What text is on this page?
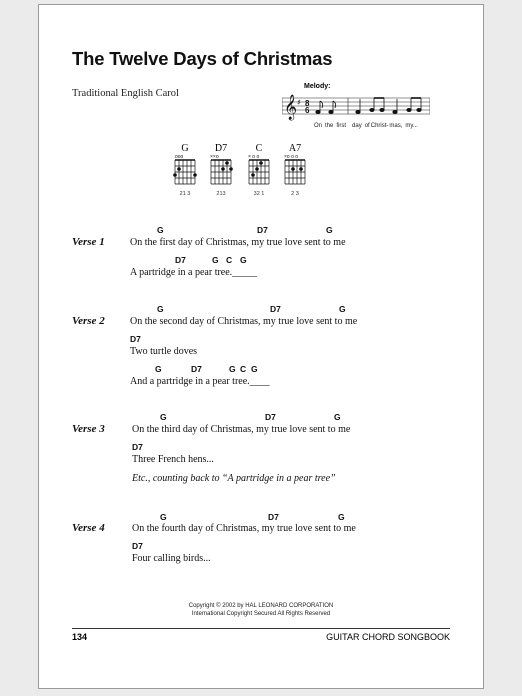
The Twelve Days of Christmas
Traditional English Carol
Melody:
𝄞 ♯ 8
6
On the first day ofChrist-mas, my...
G
ooo
21 3
D7
××o
213
C
× o o
32 1
A7
×o o o
2 3
G	D7	G
Verse 1	On the first day of Christmas, my true love sent to me
D7	G C G
A partridge in a pear tree._____
G	D7	G
Verse 2	On the second day of Christmas, my true love sent to me
D7
Two turtle doves
G	D7	G C G
And a partridge in a pear tree.____
G	D7	G
Verse 3	On the third day of Christmas, my true love sent to me
D7
Three French hens...
Etc., counting back to “A partridge in a pear tree”
G	D7	G
Verse 4	On the fourth day of Christmas, my true love sent to me
D7
Four calling birds...
Copyright © 2002 by HAL LEONARD CORPORATION
International Copyright Secured All Rights Reserved
134	GUITAR CHORD SONGBOOK
